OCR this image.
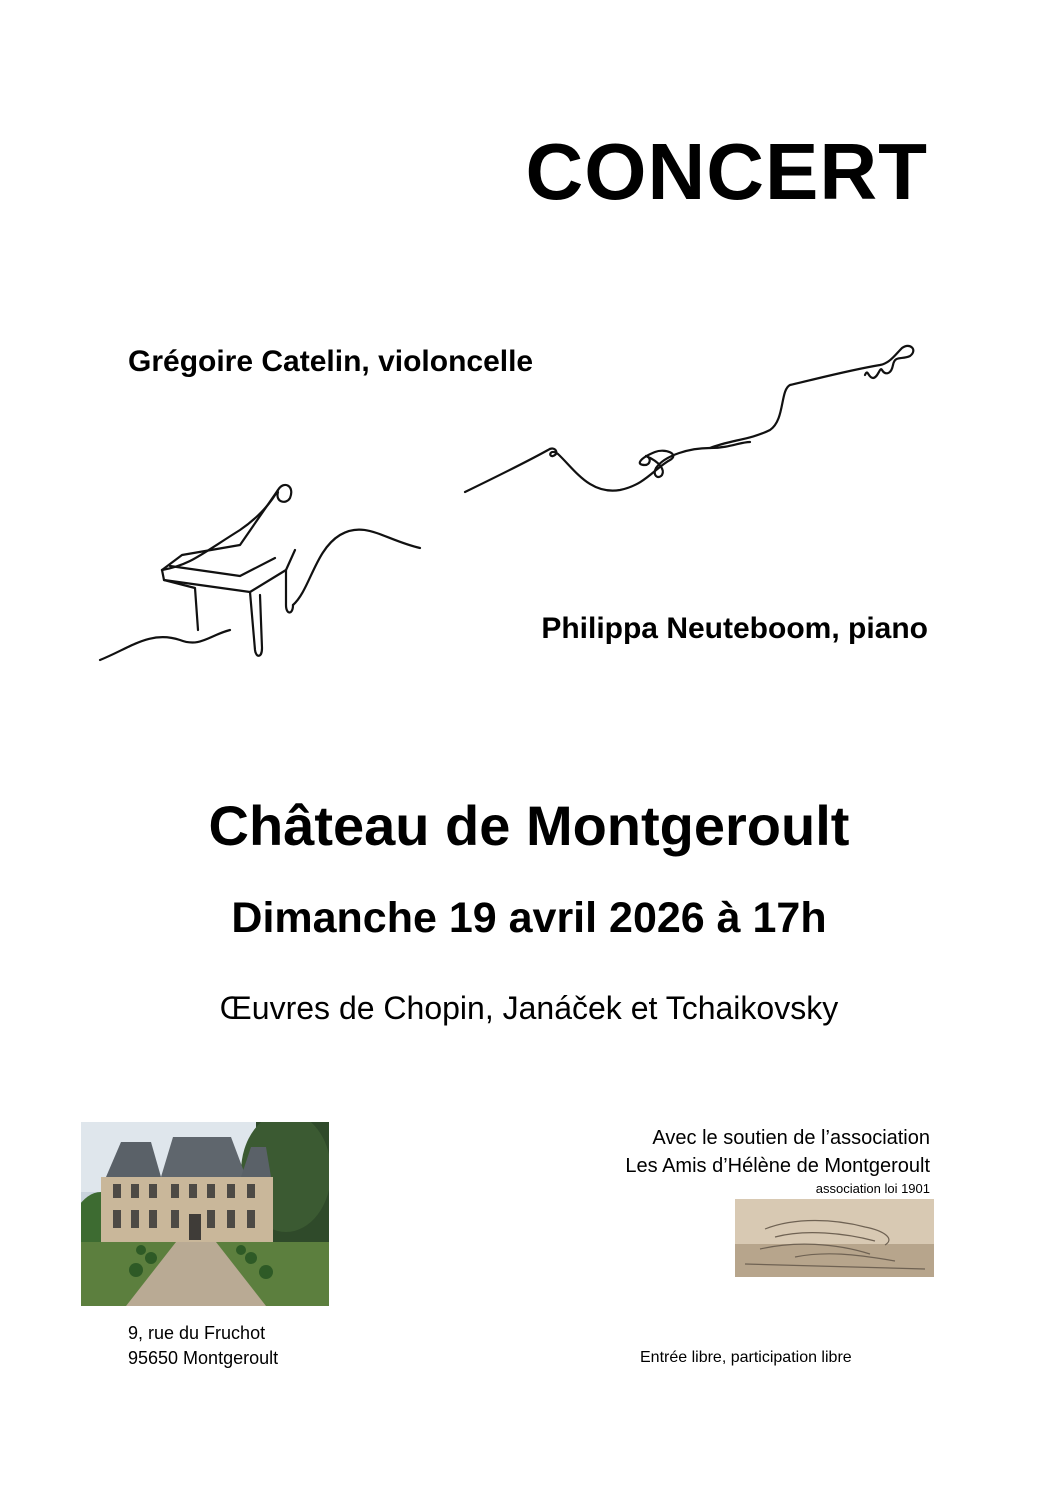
CONCERT
Grégoire Catelin, violoncelle
Philippa Neuteboom, piano
Château de Montgeroult
Dimanche 19 avril 2026 à 17h
Œuvres de Chopin, Janáček et Tchaikovsky
Avec le soutien de l’association
Les Amis d’Hélène de Montgeroult
association loi 1901
9, rue du Fruchot
95650 Montgeroult	Entrée libre, participation libre
